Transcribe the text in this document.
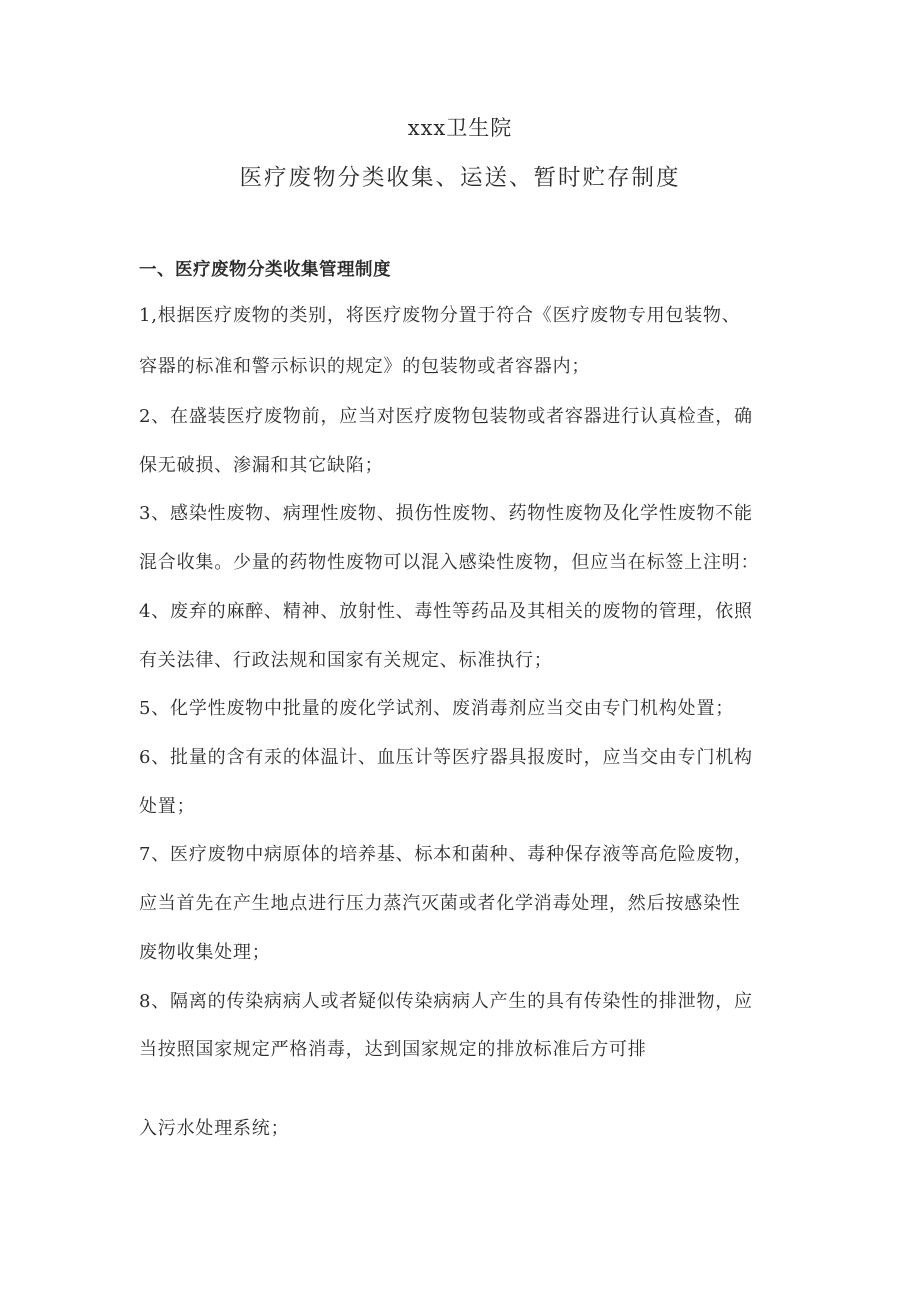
xxx卫生院
医疗废物分类收集、运送、暂时贮存制度
一、医疗废物分类收集管理制度
1,根据医疗废物的类别，将医疗废物分置于符合《医疗废物专用包装物、
容器的标准和警示标识的规定》的包装物或者容器内；
2、在盛装医疗废物前，应当对医疗废物包装物或者容器进行认真检查，确
保无破损、渗漏和其它缺陷；
3、感染性废物、病理性废物、损伤性废物、药物性废物及化学性废物不能
混合收集。少量的药物性废物可以混入感染性废物，但应当在标签上注明：
4、废弃的麻醉、精神、放射性、毒性等药品及其相关的废物的管理，依照
有关法律、行政法规和国家有关规定、标准执行；
5、化学性废物中批量的废化学试剂、废消毒剂应当交由专门机构处置；
6、批量的含有汞的体温计、血压计等医疗器具报废时，应当交由专门机构
处置；
7、医疗废物中病原体的培养基、标本和菌种、毒种保存液等高危险废物，
应当首先在产生地点进行压力蒸汽灭菌或者化学消毒处理，然后按感染性
废物收集处理；
8、隔离的传染病病人或者疑似传染病病人产生的具有传染性的排泄物，应
当按照国家规定严格消毒，达到国家规定的排放标准后方可排
入污水处理系统；
